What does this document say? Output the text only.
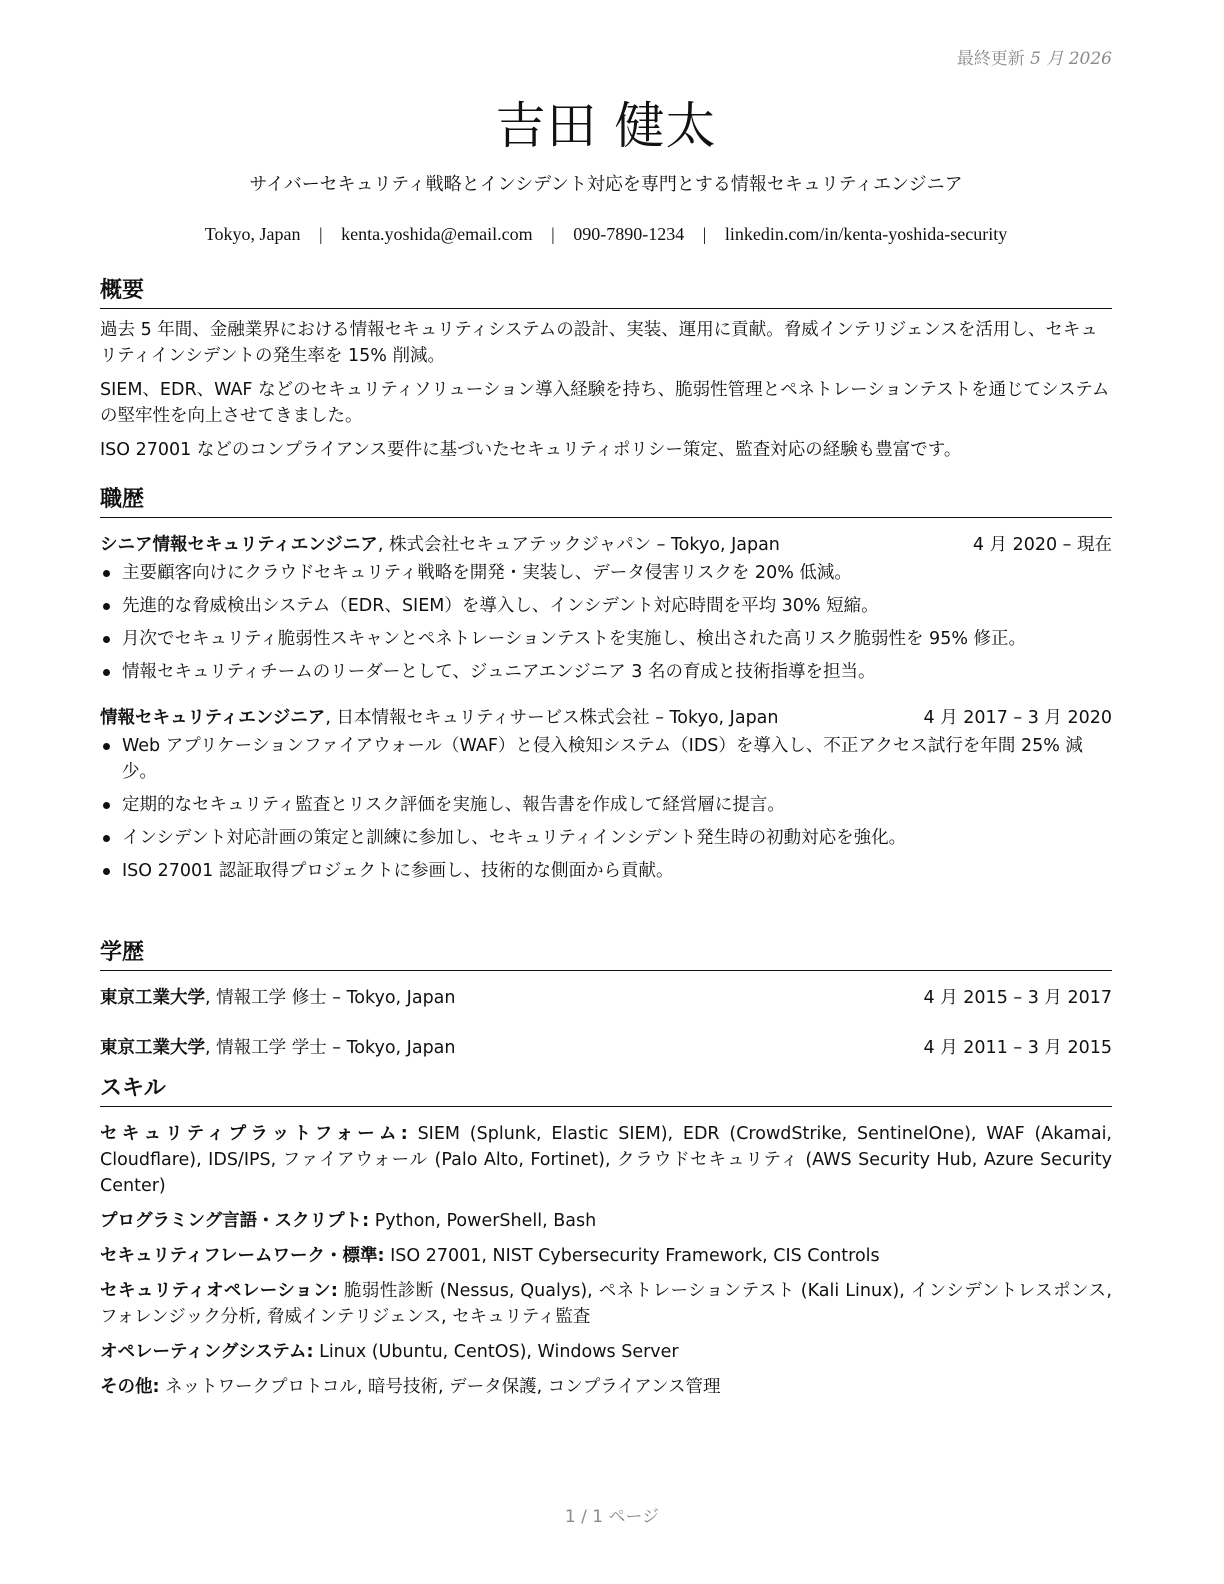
最終更新 5 月 2026
吉田 健太
サイバーセキュリティ戦略とインシデント対応を専門とする情報セキュリティエンジニア
Tokyo, Japan | kenta.yoshida@email.com | 090-7890-1234 | linkedin.com/in/kenta-yoshida-security
概要

過去 5 年間、金融業界における情報セキュリティシステムの設計、実装、運用に貢献。脅威インテリジェンスを活用し、セキュリティインシデントの発生率を 15% 削減。

SIEM、EDR、WAF などのセキュリティソリューション導入経験を持ち、脆弱性管理とペネトレーションテストを通じてシステムの堅牢性を向上させてきました。

ISO 27001 などのコンプライアンス要件に基づいたセキュリティポリシー策定、監査対応の経験も豊富です。

職歴
シニア情報セキュリティエンジニア, 株式会社セキュアテックジャパン – Tokyo, Japan	4 月 2020 – 現在
主要顧客向けにクラウドセキュリティ戦略を開発・実装し、データ侵害リスクを 20% 低減。
先進的な脅威検出システム（EDR、SIEM）を導入し、インシデント対応時間を平均 30% 短縮。
月次でセキュリティ脆弱性スキャンとペネトレーションテストを実施し、検出された高リスク脆弱性を 95% 修正。
情報セキュリティチームのリーダーとして、ジュニアエンジニア 3 名の育成と技術指導を担当。
情報セキュリティエンジニア, 日本情報セキュリティサービス株式会社 – Tokyo, Japan	4 月 2017 – 3 月 2020
Web アプリケーションファイアウォール（WAF）と侵入検知システム（IDS）を導入し、不正アクセス試行を年間 25% 減少。
定期的なセキュリティ監査とリスク評価を実施し、報告書を作成して経営層に提言。
インシデント対応計画の策定と訓練に参加し、セキュリティインシデント発生時の初動対応を強化。
ISO 27001 認証取得プロジェクトに参画し、技術的な側面から貢献。
学歴
東京工業大学, 情報工学 修士 – Tokyo, Japan	4 月 2015 – 3 月 2017
東京工業大学, 情報工学 学士 – Tokyo, Japan	4 月 2011 – 3 月 2015
スキル

セキュリティプラットフォーム: SIEM (Splunk, Elastic SIEM), EDR (CrowdStrike, SentinelOne), WAF (Akamai, Cloudflare), IDS/IPS, ファイアウォール (Palo Alto, Fortinet), クラウドセキュリティ (AWS Security Hub, Azure Security Center)

プログラミング言語・スクリプト: Python, PowerShell, Bash

セキュリティフレームワーク・標準: ISO 27001, NIST Cybersecurity Framework, CIS Controls

セキュリティオペレーション: 脆弱性診断 (Nessus, Qualys), ペネトレーションテスト (Kali Linux), インシデントレスポンス, フォレンジック分析, 脅威インテリジェンス, セキュリティ監査

オペレーティングシステム: Linux (Ubuntu, CentOS), Windows Server

その他: ネットワークプロトコル, 暗号技術, データ保護, コンプライアンス管理

1 / 1 ページ
